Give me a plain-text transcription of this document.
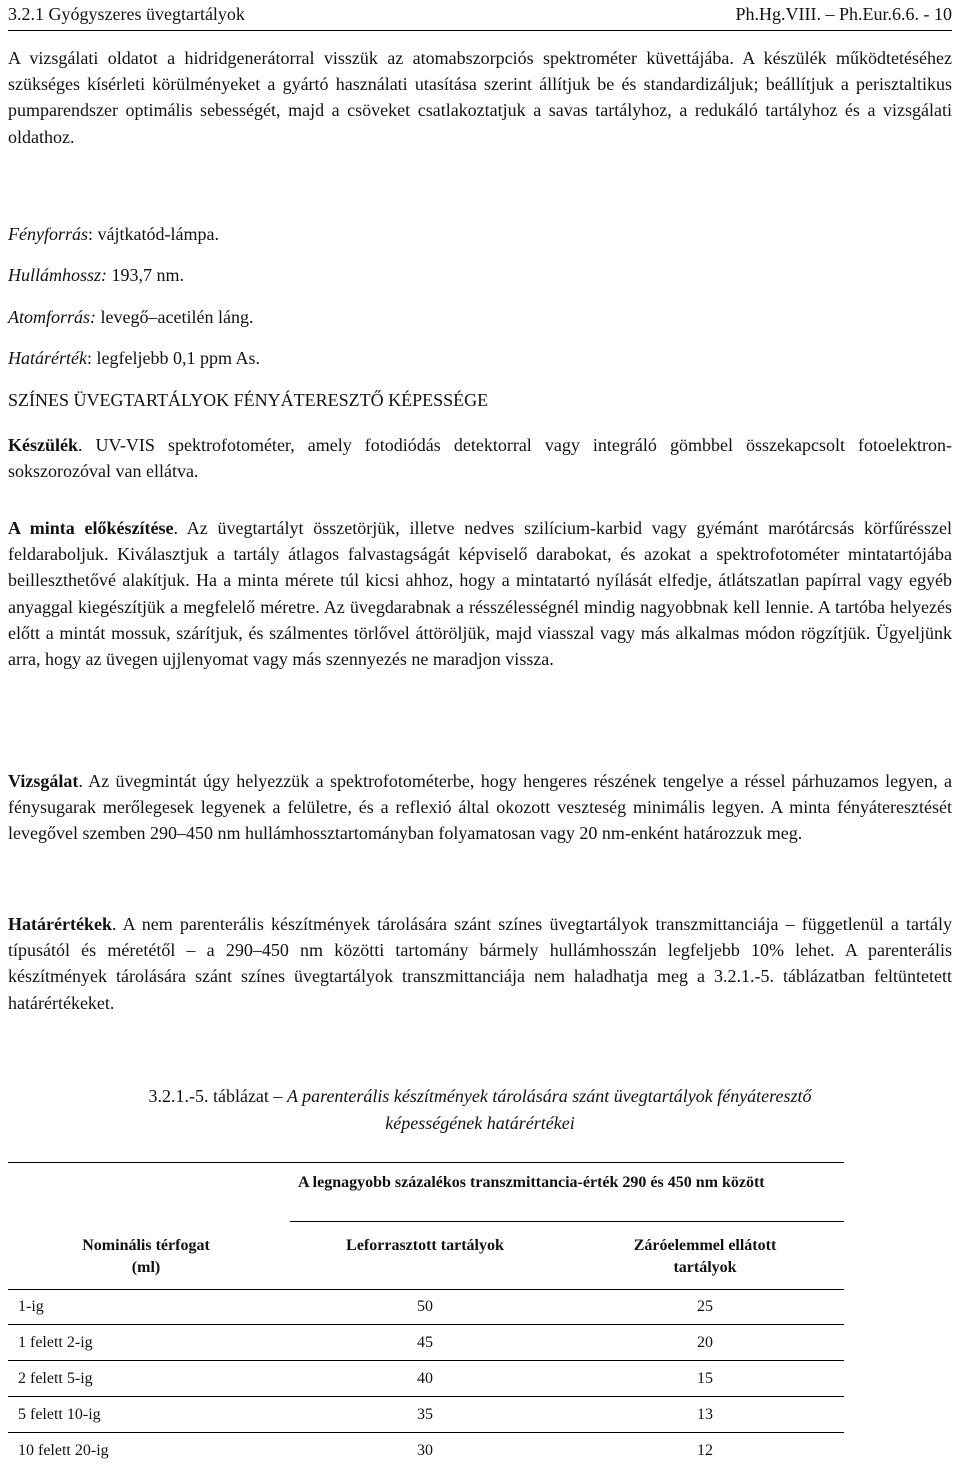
3.2.1 Gyógyszeres üvegtartályok	Ph.Hg.VIII. – Ph.Eur.6.6. - 10

A vizsgálati oldatot a hidridgenerátorral visszük az atomabszorpciós spektrométer küvettájába. A készülék működtetéséhez szükséges kísérleti körülményeket a gyártó használati utasítása szerint állítjuk be és standardizáljuk; beállítjuk a perisztaltikus pumparendszer optimális sebességét, majd a csöveket csatlakoztatjuk a savas tartályhoz, a redukáló tartályhoz és a vizsgálati oldathoz.

Fényforrás: vájtkatód-lámpa.

Hullámhossz: 193,7 nm.

Atomforrás: levegő–acetilén láng.

Határérték: legfeljebb 0,1 ppm As.

SZÍNES ÜVEGTARTÁLYOK FÉNYÁTERESZTŐ KÉPESSÉGE

Készülék. UV-VIS spektrofotométer, amely fotodiódás detektorral vagy integráló gömbbel összekapcsolt fotoelektron-sokszorozóval van ellátva.

A minta előkészítése. Az üvegtartályt összetörjük, illetve nedves szilícium-karbid vagy gyémánt marótárcsás körfűrésszel feldaraboljuk. Kiválasztjuk a tartály átlagos falvastagságát képviselő darabokat, és azokat a spektrofotométer mintatartójába beilleszthetővé alakítjuk. Ha a minta mérete túl kicsi ahhoz, hogy a mintatartó nyílását elfedje, átlátszatlan papírral vagy egyéb anyaggal kiegészítjük a megfelelő méretre. Az üvegdarabnak a résszélességnél mindig nagyobbnak kell lennie. A tartóba helyezés előtt a mintát mossuk, szárítjuk, és szálmentes törlővel áttöröljük, majd viasszal vagy más alkalmas módon rögzítjük. Ügyeljünk arra, hogy az üvegen ujjlenyomat vagy más szennyezés ne maradjon vissza.

Vizsgálat. Az üvegmintát úgy helyezzük a spektrofotométerbe, hogy hengeres részének tengelye a réssel párhuzamos legyen, a fénysugarak merőlegesek legyenek a felületre, és a reflexió által okozott veszteség minimális legyen. A minta fényáteresztését levegővel szemben 290–450 nm hullámhossztartományban folyamatosan vagy 20 nm-enként határozzuk meg.

Határértékek. A nem parenterális készítmények tárolására szánt színes üvegtartályok transzmittanciája – függetlenül a tartály típusától és méretétől – a 290–450 nm közötti tartomány bármely hullámhosszán legfeljebb 10% lehet. A parenterális készítmények tárolására szánt színes üvegtartályok transzmittanciája nem haladhatja meg a 3.2.1.-5. táblázatban feltüntetett határértékeket.

3.2.1.-5. táblázat – A parenterális készítmények tárolására szánt üvegtartályok fényáteresztő
képességének határértékei
A legnagyobb százalékos transzmittancia-érték 290 és 450 nm között
Nominális térfogat
(ml)
Leforrasztott tartályok	Záróelemmel ellátott
tartályok
1-ig	50	25
1 felett 2-ig	45	20
2 felett 5-ig	40	15
5 felett 10-ig	35	13
10 felett 20-ig	30	12
